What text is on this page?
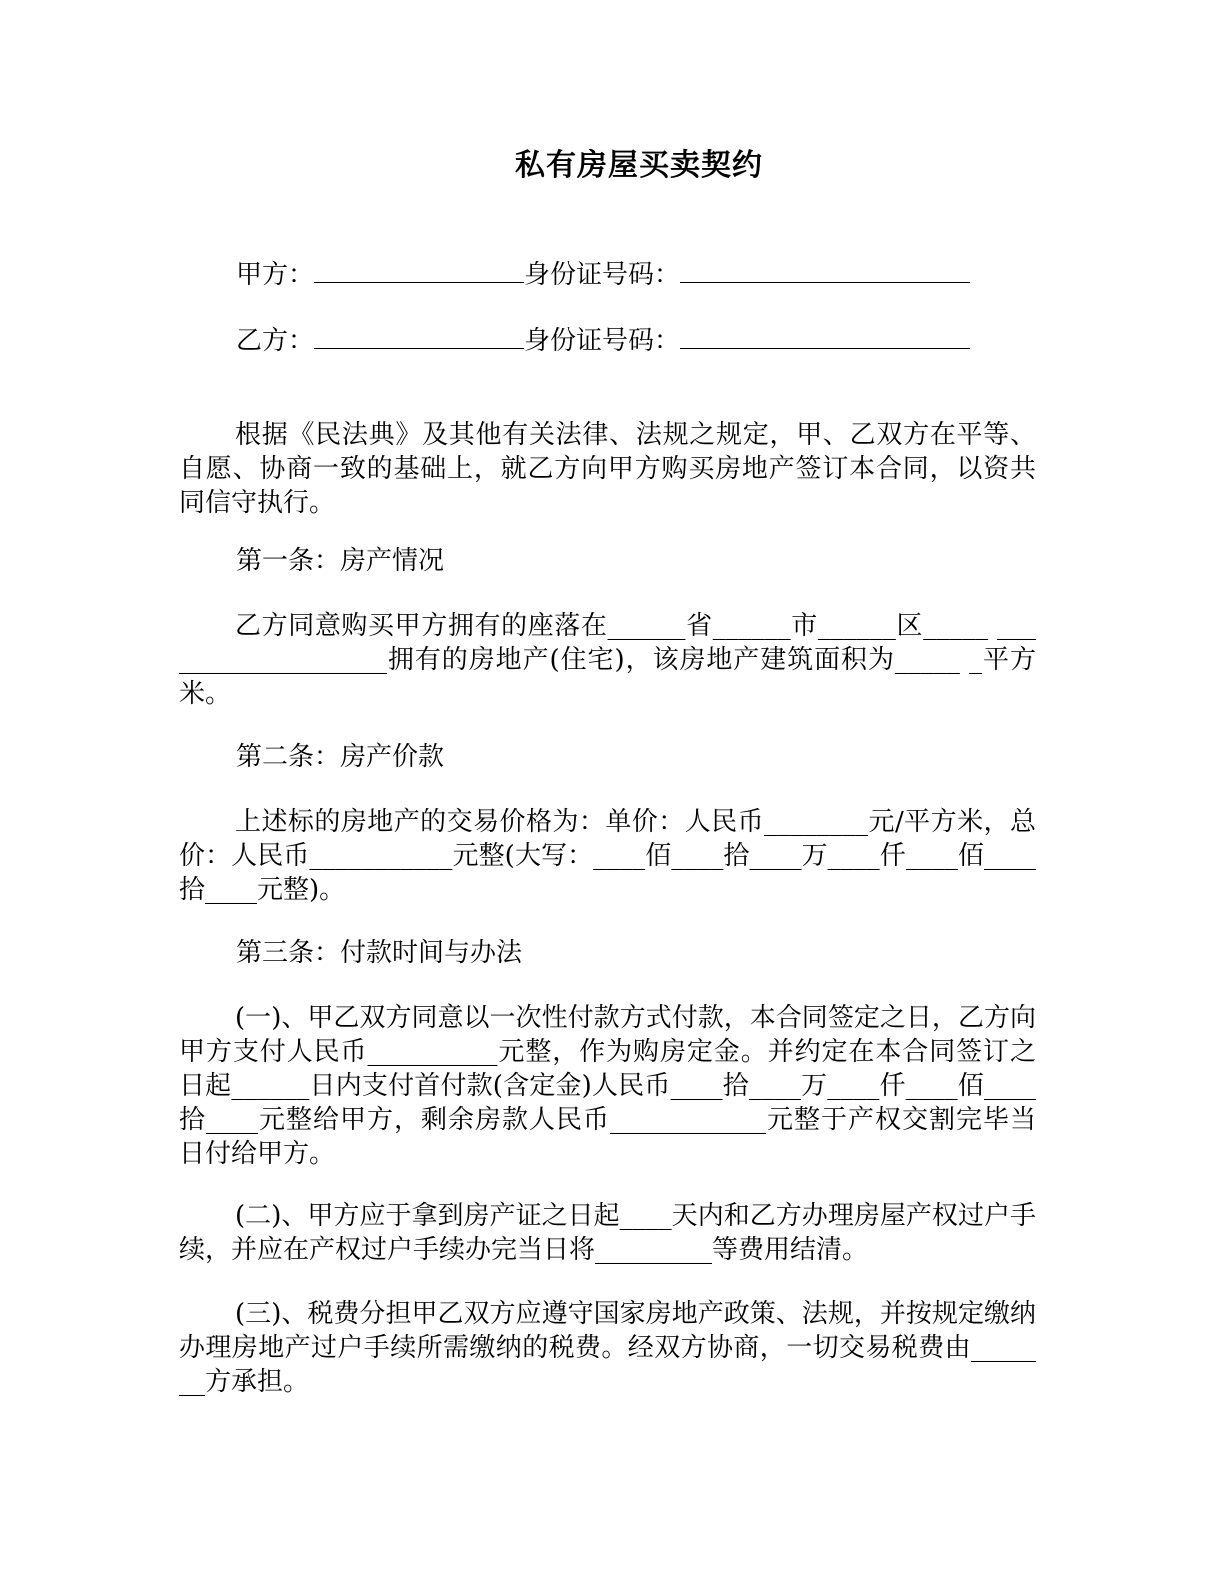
私有房屋买卖契约
甲方：	身份证号码：
乙方：	身份证号码：
根据《民法典》及其他有关法律、法规之规定，甲、乙双方在平等、自愿、协商一致的基础上，就乙方向甲方购买房地产签订本合同，以资共同信守执行。
第一条：房产情况
乙方同意购买甲方拥有的座落在______省______市______区_____ ___________________拥有的房地产(住宅)，该房地产建筑面积为_____ _平方米。
第二条：房产价款
上述标的房地产的交易价格为：单价：人民币________元/平方米，总价：人民币___________元整(大写：____佰____拾____万____仟____佰____拾____元整)。
第三条：付款时间与办法
(一)、甲乙双方同意以一次性付款方式付款，本合同签定之日，乙方向甲方支付人民币__________元整，作为购房定金。并约定在本合同签订之日起______日内支付首付款(含定金)人民币____拾____万____仟____佰____拾____元整给甲方，剩余房款人民币____________元整于产权交割完毕当日付给甲方。
(二)、甲方应于拿到房产证之日起____天内和乙方办理房屋产权过户手续，并应在产权过户手续办完当日将_________等费用结清。
(三)、税费分担甲乙双方应遵守国家房地产政策、法规，并按规定缴纳办理房地产过户手续所需缴纳的税费。经双方协商，一切交易税费由_______方承担。
